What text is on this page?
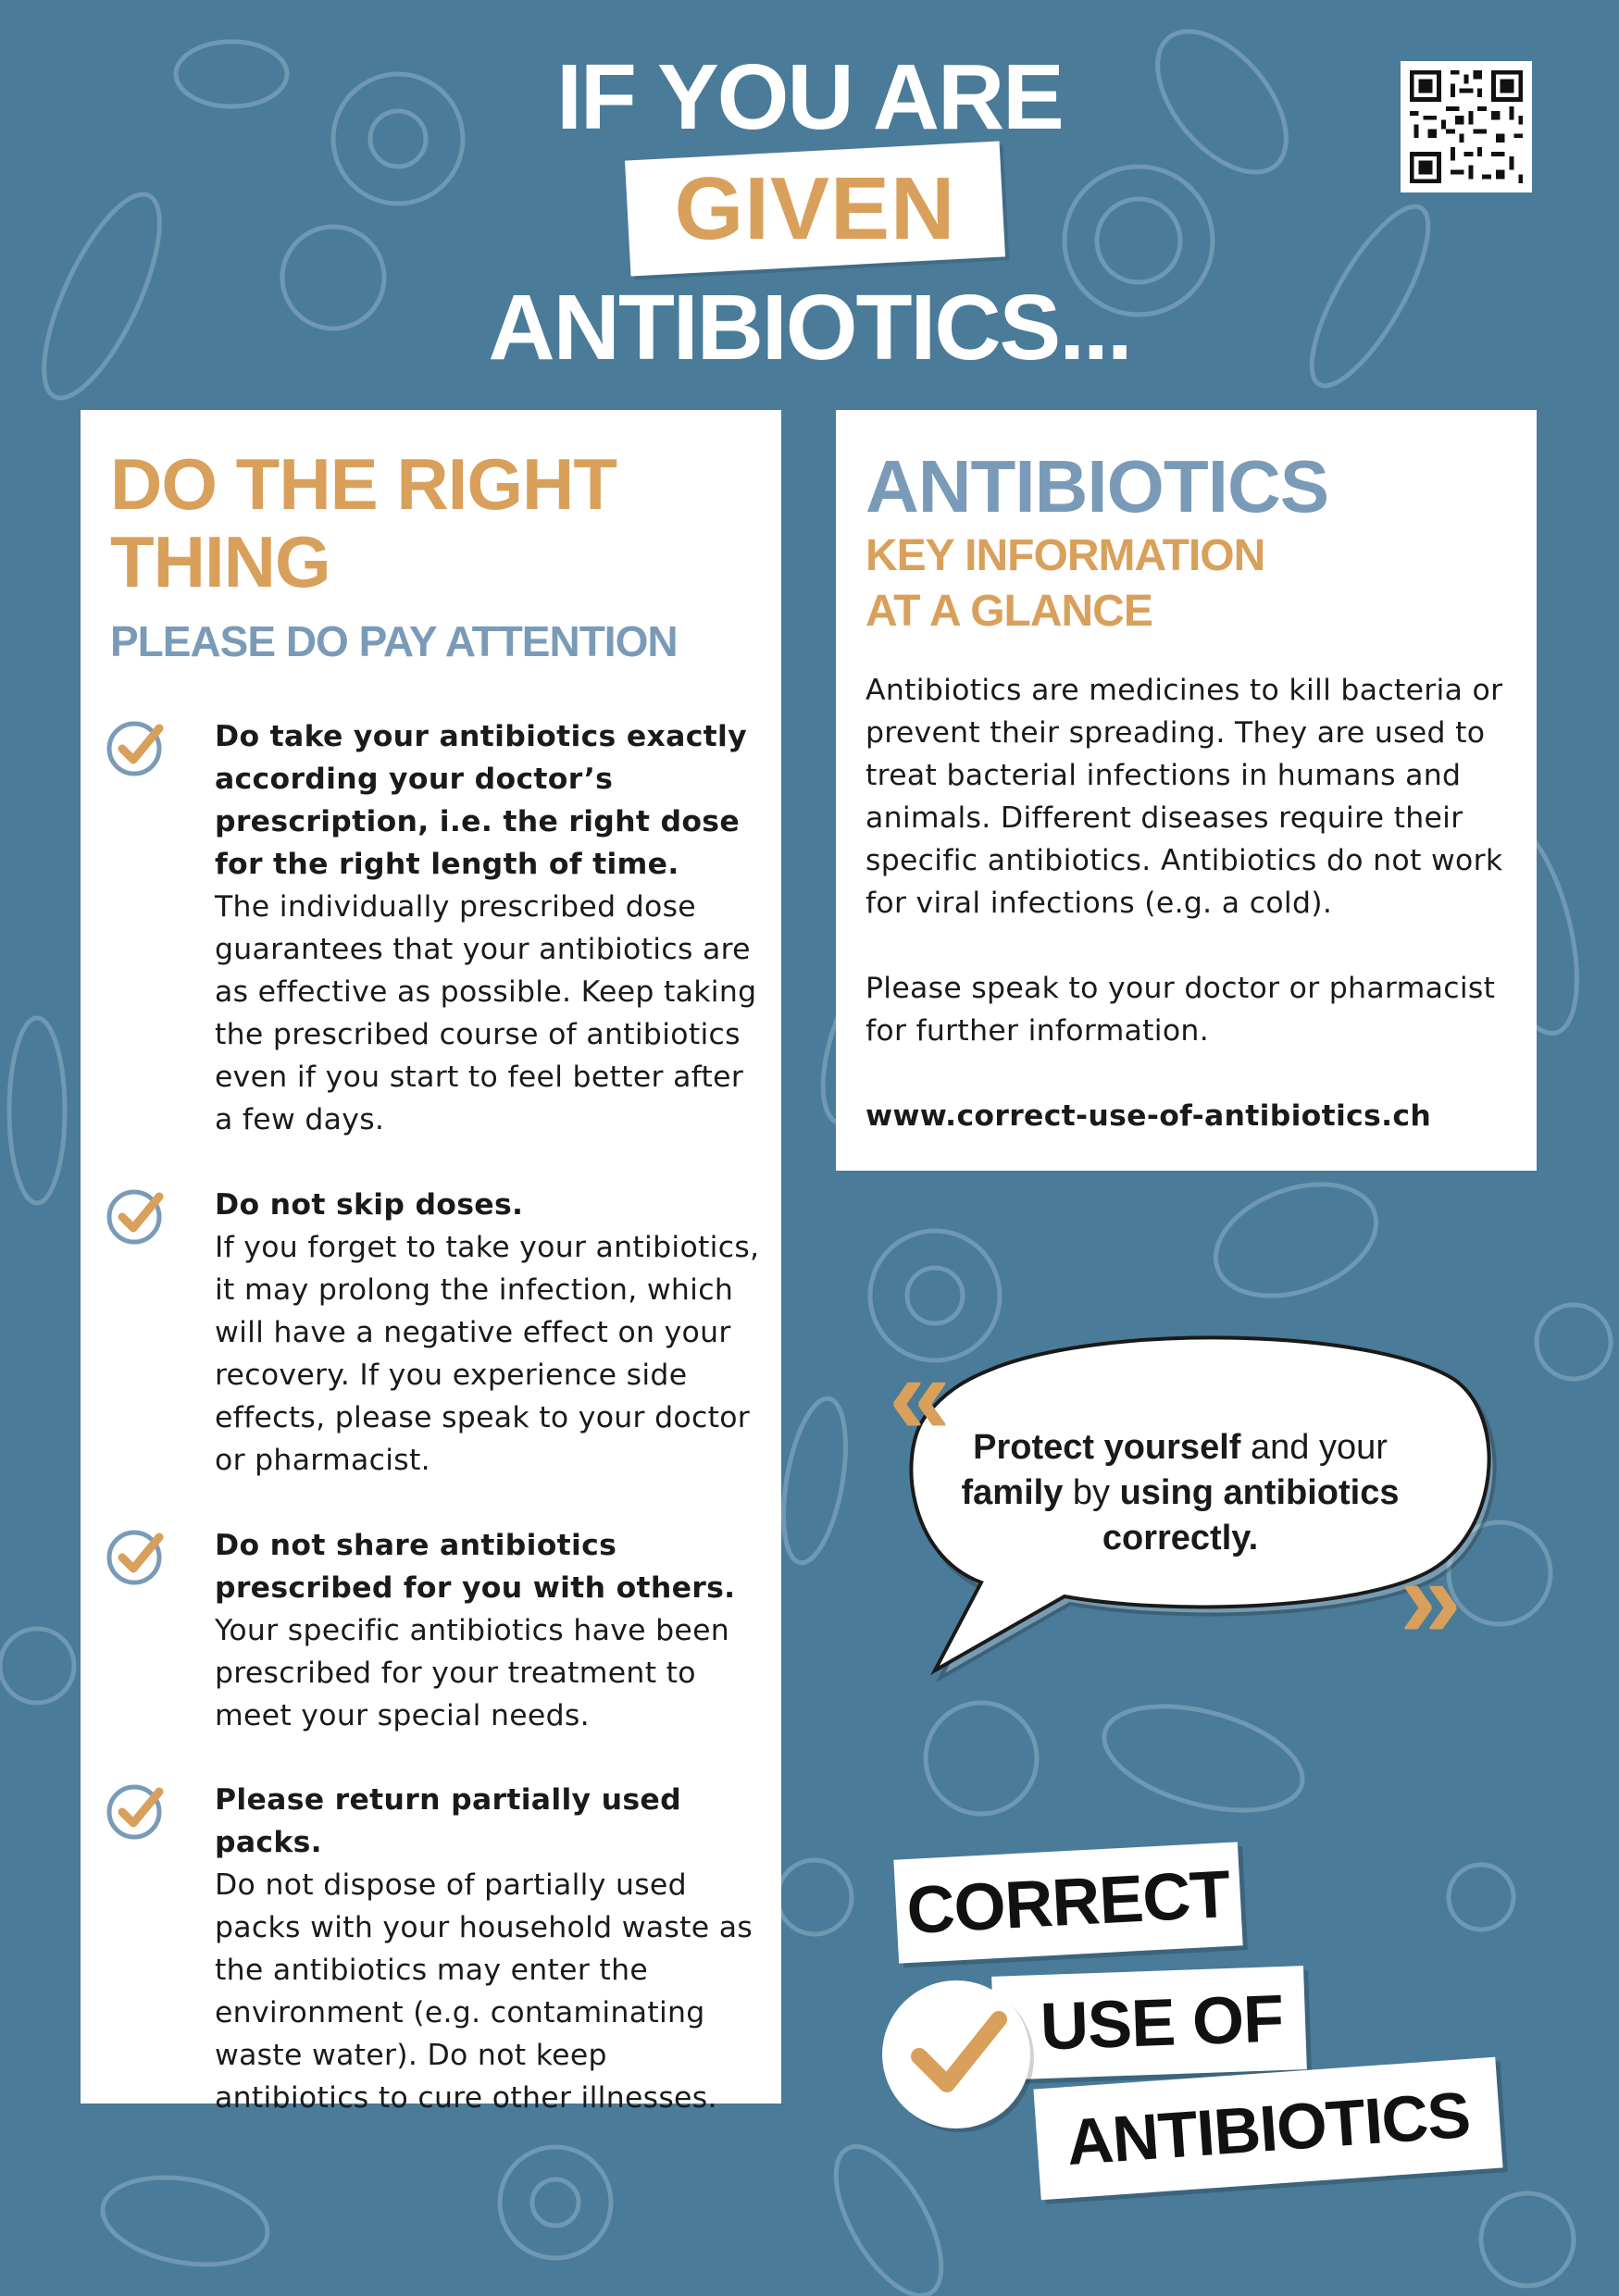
IF YOU ARE
GIVEN
ANTIBIOTICS...
DO THE RIGHT
THING
PLEASE DO PAY ATTENTION
Do take your antibiotics exactly according your doctor’s prescription, i.e. the right dose for the right length of time.
The individually prescribed dose guarantees that your antibiotics are as effective as possible. Keep taking the prescribed course of antibiotics even if you start to feel better after a few days.
Do not skip doses.
If you forget to take your antibiotics, it may prolong the infection, which will have a negative effect on your recovery. If you experience side effects, please speak to your doctor or pharmacist.
Do not share antibiotics prescribed for you with others.
Your specific antibiotics have been prescribed for your treatment to meet your special needs.
Please return partially used packs.
Do not dispose of partially used packs with your household waste as the antibiotics may enter the environment (e.g. contaminating waste water). Do not keep antibiotics to cure other illnesses.
ANTIBIOTICS
KEY INFORMATION
AT A GLANCE
Antibiotics are medicines to kill bacteria or prevent their spreading. They are used to treat bacterial infections in humans and animals. Different diseases require their specific antibiotics. Antibiotics do not work for viral infections (e.g. a cold).
Please speak to your doctor or pharmacist for further information.
www.correct-use-of-antibiotics.ch
«
»
Protect yourself and your family by using antibiotics correctly.
CORRECT
USE OF
ANTIBIOTICS
